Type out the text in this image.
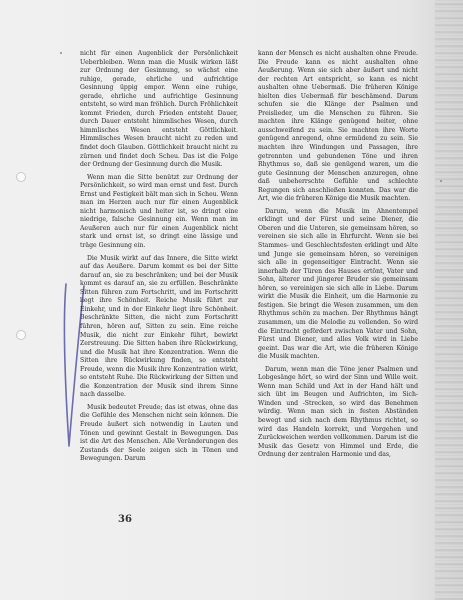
nicht für einen Augenblick der Persönlichkeit Ueberbleiben. Wenn man die Musik wirken läßt zur Ordnung der Gesinnung, so wächst eine ruhige, gerade, ehrliche und aufrichtige Gesinnung üppig empor. Wenn eine ruhige, gerade, ehrliche und aufrichtige Gesinnung entsteht, so wird man fröhlich. Durch Fröhlichkeit kommt Frieden, durch Frieden entsteht Dauer, durch Dauer entsteht himmlisches Wesen, durch himmlisches Wesen entsteht Göttlichkeit. Himmlisches Wesen braucht nicht zu reden und findet doch Glauben. Göttlichkeit braucht nicht zu zürnen und findet doch Scheu. Das ist die Folge der Ordnung der Gesinnung durch die Musik.

Wenn man die Sitte benützt zur Ordnung der Persönlichkeit, so wird man ernst und fest. Durch Ernst und Festigkeit bält man sich in Scheu. Wenn man im Herzen auch nur für einen Augenblick nicht harmonisch und heiter ist, so dringt eine niedrige, falsche Gesinnung ein. Wenn man im Aeußeren auch nur für einen Augenblick nicht stark und ernst ist, so dringt eine lässige und träge Gesinnung ein.

Die Musik wirkt auf das Innere, die Sitte wirkt auf das Aeußere. Darum kommt es bei der Sitte darauf an, sie zu beschränken; und bei der Musik kommt es darauf an, sie zu erfüllen. Beschränkte Sitten führen zum Fortschritt, und im Fortschritt liegt ihre Schönheit. Reiche Musik führt zur Einkehr, und in der Einkehr liegt ihre Schönheit. Beschränkte Sitten, die nicht zum Fortschritt führen, hören auf, Sitten zu sein. Eine reiche Musik, die nicht zur Einkehr führt, bewirkt Zerstreuung. Die Sitten haben ihre Rückwirkung, und die Musik hat ihre Konzentration. Wenn die Sitten ihre Rückwirkung finden, so entsteht Freude, wenn die Musik ihre Konzentration wirkt, so entsteht Ruhe. Die Rückwirkung der Sitten und die Konzentration der Musik sind ihrem Sinne nach dasselbe.

Musik bedeutet Freude; das ist etwas, ohne das die Gefühle des Menschen nicht sein können. Die Freude äußert sich notwendig in Lauten und Tönen und gewinnt Gestalt in Bewegungen. Das ist die Art des Menschen. Alle Veränderungen des Zustands der Seele zeigen sich in Tönen und Bewegungen. Darum

kann der Mensch es nicht aushalten ohne Freude. Die Freude kann es nicht aushalten ohne Aeußerung. Wenn sie sich aber äußert und nicht der rechten Art entspricht, so kann es nicht aushalten ohne Uebermaß. Die früheren Könige hielten dies Uebermaß für beschämend. Darum schufen sie die Klänge der Psalmen und Preislieder, um die Menschen zu führen. Sie machten ihre Klänge genügend heiter, ohne ausschweifend zu sein. Sie machten ihre Worte genügend anregend, ohne ermüdend zu sein. Sie machten ihre Windungen und Passagen, ihre getrennten und gebundenen Töne und ihren Rhythmus so, daß sie genügend waren, um die gute Gesinnung der Menschen anzuregen, ohne daß unbeherrschte Gefühle und schlechte Regungen sich anschließen konnten. Das war die Art, wie die früheren Könige die Musik machten.

Darum, wenn die Musik im Ahnentempel erklingt und der Fürst und seine Diener, die Oberen und die Unteren, sie gemeinsam hören, so vereinen sie sich alle in Ehrfurcht. Wenn sie bei Stammes- und Geschlechtsfesten erklingt und Alte und Junge sie gemeinsam hören, so vereinigen sich alle in gegenseitiger Eintracht. Wenn sie innerhalb der Türen des Hauses ertönt, Vater und Sohn, älterer und jüngerer Bruder sie gemeinsam hören, so vereinigen sie sich alle in Liebe. Darum wirkt die Musik die Einheit, um die Harmonie zu festigen. Sie bringt die Wesen zusammen, um den Rhythmus schön zu machen. Der Rhythmus hängt zusammen, um die Melodie zu vollenden. So wird die Eintracht gefördert zwischen Vater und Sohn, Fürst und Diener, und alles Volk wird in Liebe geeint. Das war die Art, wie die früheren Könige die Musik machten.

Darum, wenn man die Töne jener Psalmen und Lobgesänge hört, so wird der Sinn und Wille weit. Wenn man Schild und Axt in der Hand hält und sich übt im Beugen und Aufrichten, im Sich-Winden und -Strecken, so wird das Benehmen würdig. Wenn man sich in festen Abständen bewegt und sich nach dem Rhythmus richtet, so wird das Handeln korrekt, und Vorgehen und Zurückweichen werden vollkommen. Darum ist die Musik das Gesetz von Himmel und Erde, die Ordnung der zentralen Harmonie und das,

36
